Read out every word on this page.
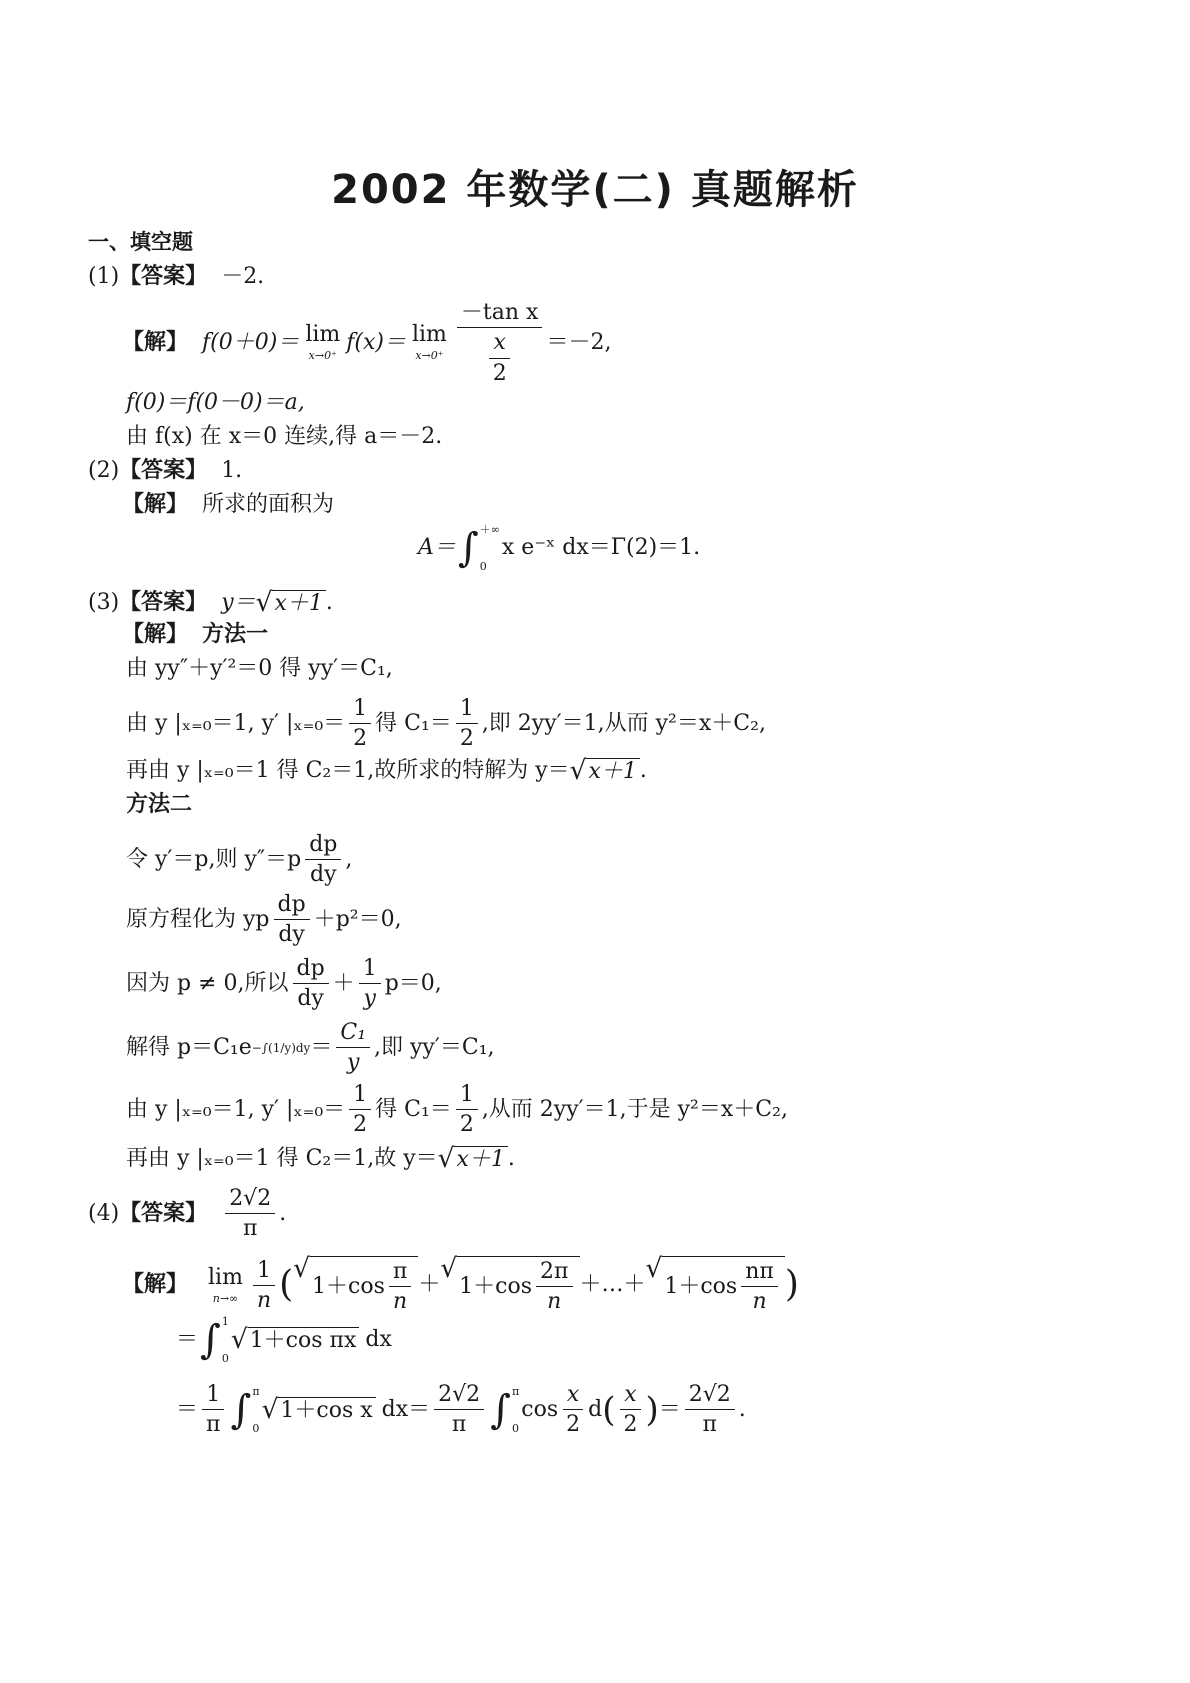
2002 年数学(二) 真题解析
一、填空题
(1) 【答案】 －2.
【解】 f(0＋0)＝ lim
x→0⁺
f(x)＝ lim
$x\to 0^+ \frac{\text{－tan x}}{\frac{x}{2}} =-2$,
f(0)＝f(0－0)＝a,
由 f(x) 在 x＝0 连续,得 a＝－2.
(2) 【答案】 1.
【解】 所求的面积为
A＝ ∫ ＋∞
0
x e⁻ˣ dx＝Γ(2)＝1.
(3) 【答案】 y＝ √ x＋1 .
【解】 方法一
由 yy″＋y′²＝0 得 yy′＝C₁,
由 y |ₓ₌₀＝1, y′ $|_{x=0}= \frac{1}{2}$ 得 $C_1= \frac{1}{2}$ ,即 2yy′＝1,从而 y²＝x＋C₂,
再由 y |ₓ₌₀＝1 得 C₂＝1,故所求的特解为 y＝ √ x＋1 .
方法二
令 y′＝p,则 $y''=p \frac{dp}{dy}$ ,
原方程化为 yp $\frac{dp}{dy} +p^2=0$,
因为 p ≠ 0,所以 $\frac{dp}{dy} + \frac{1}{y} p=0$,
解得 $p=C_1e -\int(1/y)dy = \frac{\text{C₁}}{y}$ ,即 yy′＝C₁,
由 y |ₓ₌₀＝1, y′ $|_{x=0}= \frac{1}{2}$ 得 $C_1= \frac{1}{2}$ ,从而 2yy′＝1,于是 y²＝x＋C₂,
再由 y |ₓ₌₀＝1 得 C₂＝1,故 y＝ √ x＋1 .
(4) 【答案】 $\frac{2√2}{\pi}$ .
【解】 lim
$n\to\infty \frac{1}{n}$ ( √
$1+\cos \frac{\pi}{n}$ ＋
√
$1+\cos \frac{2\pi}{n}$ ＋…＋
√
$1+\cos \frac{n\pi}{n}$ )
＝ ∫ 1
0
√ 1＋cos πx dx
＝ $\frac{1}{\pi}$ ∫ π
0
√ 1＋cos x $dx= \frac{2√2}{\pi}$ ∫ π
0
$\cos \frac{x}{2}$ d ( $\frac{x}{2}$ ) ＝ $\frac{2√2}{\pi}$ .
